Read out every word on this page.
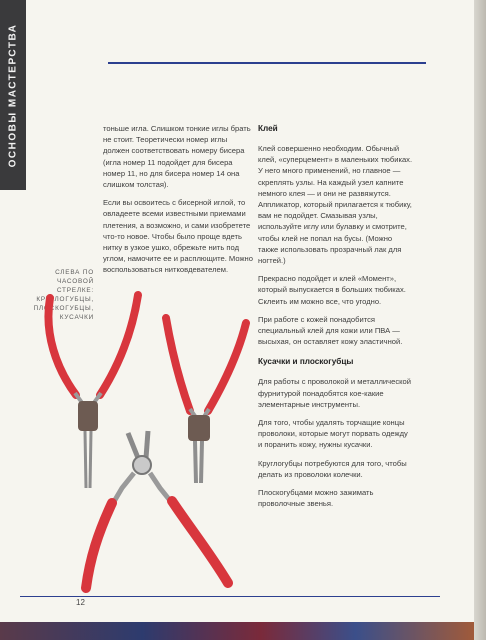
ОСНОВЫ МАСТЕРСТВА	тоньше игла. Слишком тонкие иглы брать не стоит. Теоретически номер иглы должен соответствовать номеру бисера (игла номер 11 подойдет для бисера номер 11, но для бисера номер 14 она слишком толстая).

Если вы освоитесь с бисерной иглой, то овладеете всеми известными приемами плетения, а возможно, и сами изобретете что-то новое. Чтобы было проще вдеть нитку в узкое ушко, обрежьте нить под углом, намочите ее и расплющите. Можно воспользоваться нитковдевателем.

Клей

Клей совершенно необходим. Обычный клей, «суперцемент» в маленьких тюбиках. У него много применений, но главное — скреплять узлы. На каждый узел капните немного клея — и они не развяжутся. Аппликатор, который прилагается к тюбику, вам не подойдет. Смазывая узлы, используйте иглу или булавку и смотрите, чтобы клей не попал на бусы. (Можно также использовать прозрачный лак для ногтей.)

Прекрасно подойдет и клей «Момент», который выпускается в больших тюбиках. Склеить им можно все, что угодно.

При работе с кожей понадобится специальный клей для кожи или ПВА — высыхая, он оставляет кожу эластичной.

Кусачки и плоскогубцы

Для работы с проволокой и металлической фурнитурой понадобятся кое-какие элементарные инструменты.

Для того, чтобы удалять торчащие концы проволоки, которые могут порвать одежду и поранить кожу, нужны кусачки.

Круглогубцы потребуются для того, чтобы делать из проволоки колечки.

Плоскогубцами можно зажимать проволочные звенья.

СЛЕВА ПО
ЧАСОВОЙ СТРЕЛКЕ:
КРУГЛОГУБЦЫ,
ПЛОСКОГУБЦЫ,
КУСАЧКИ
12
